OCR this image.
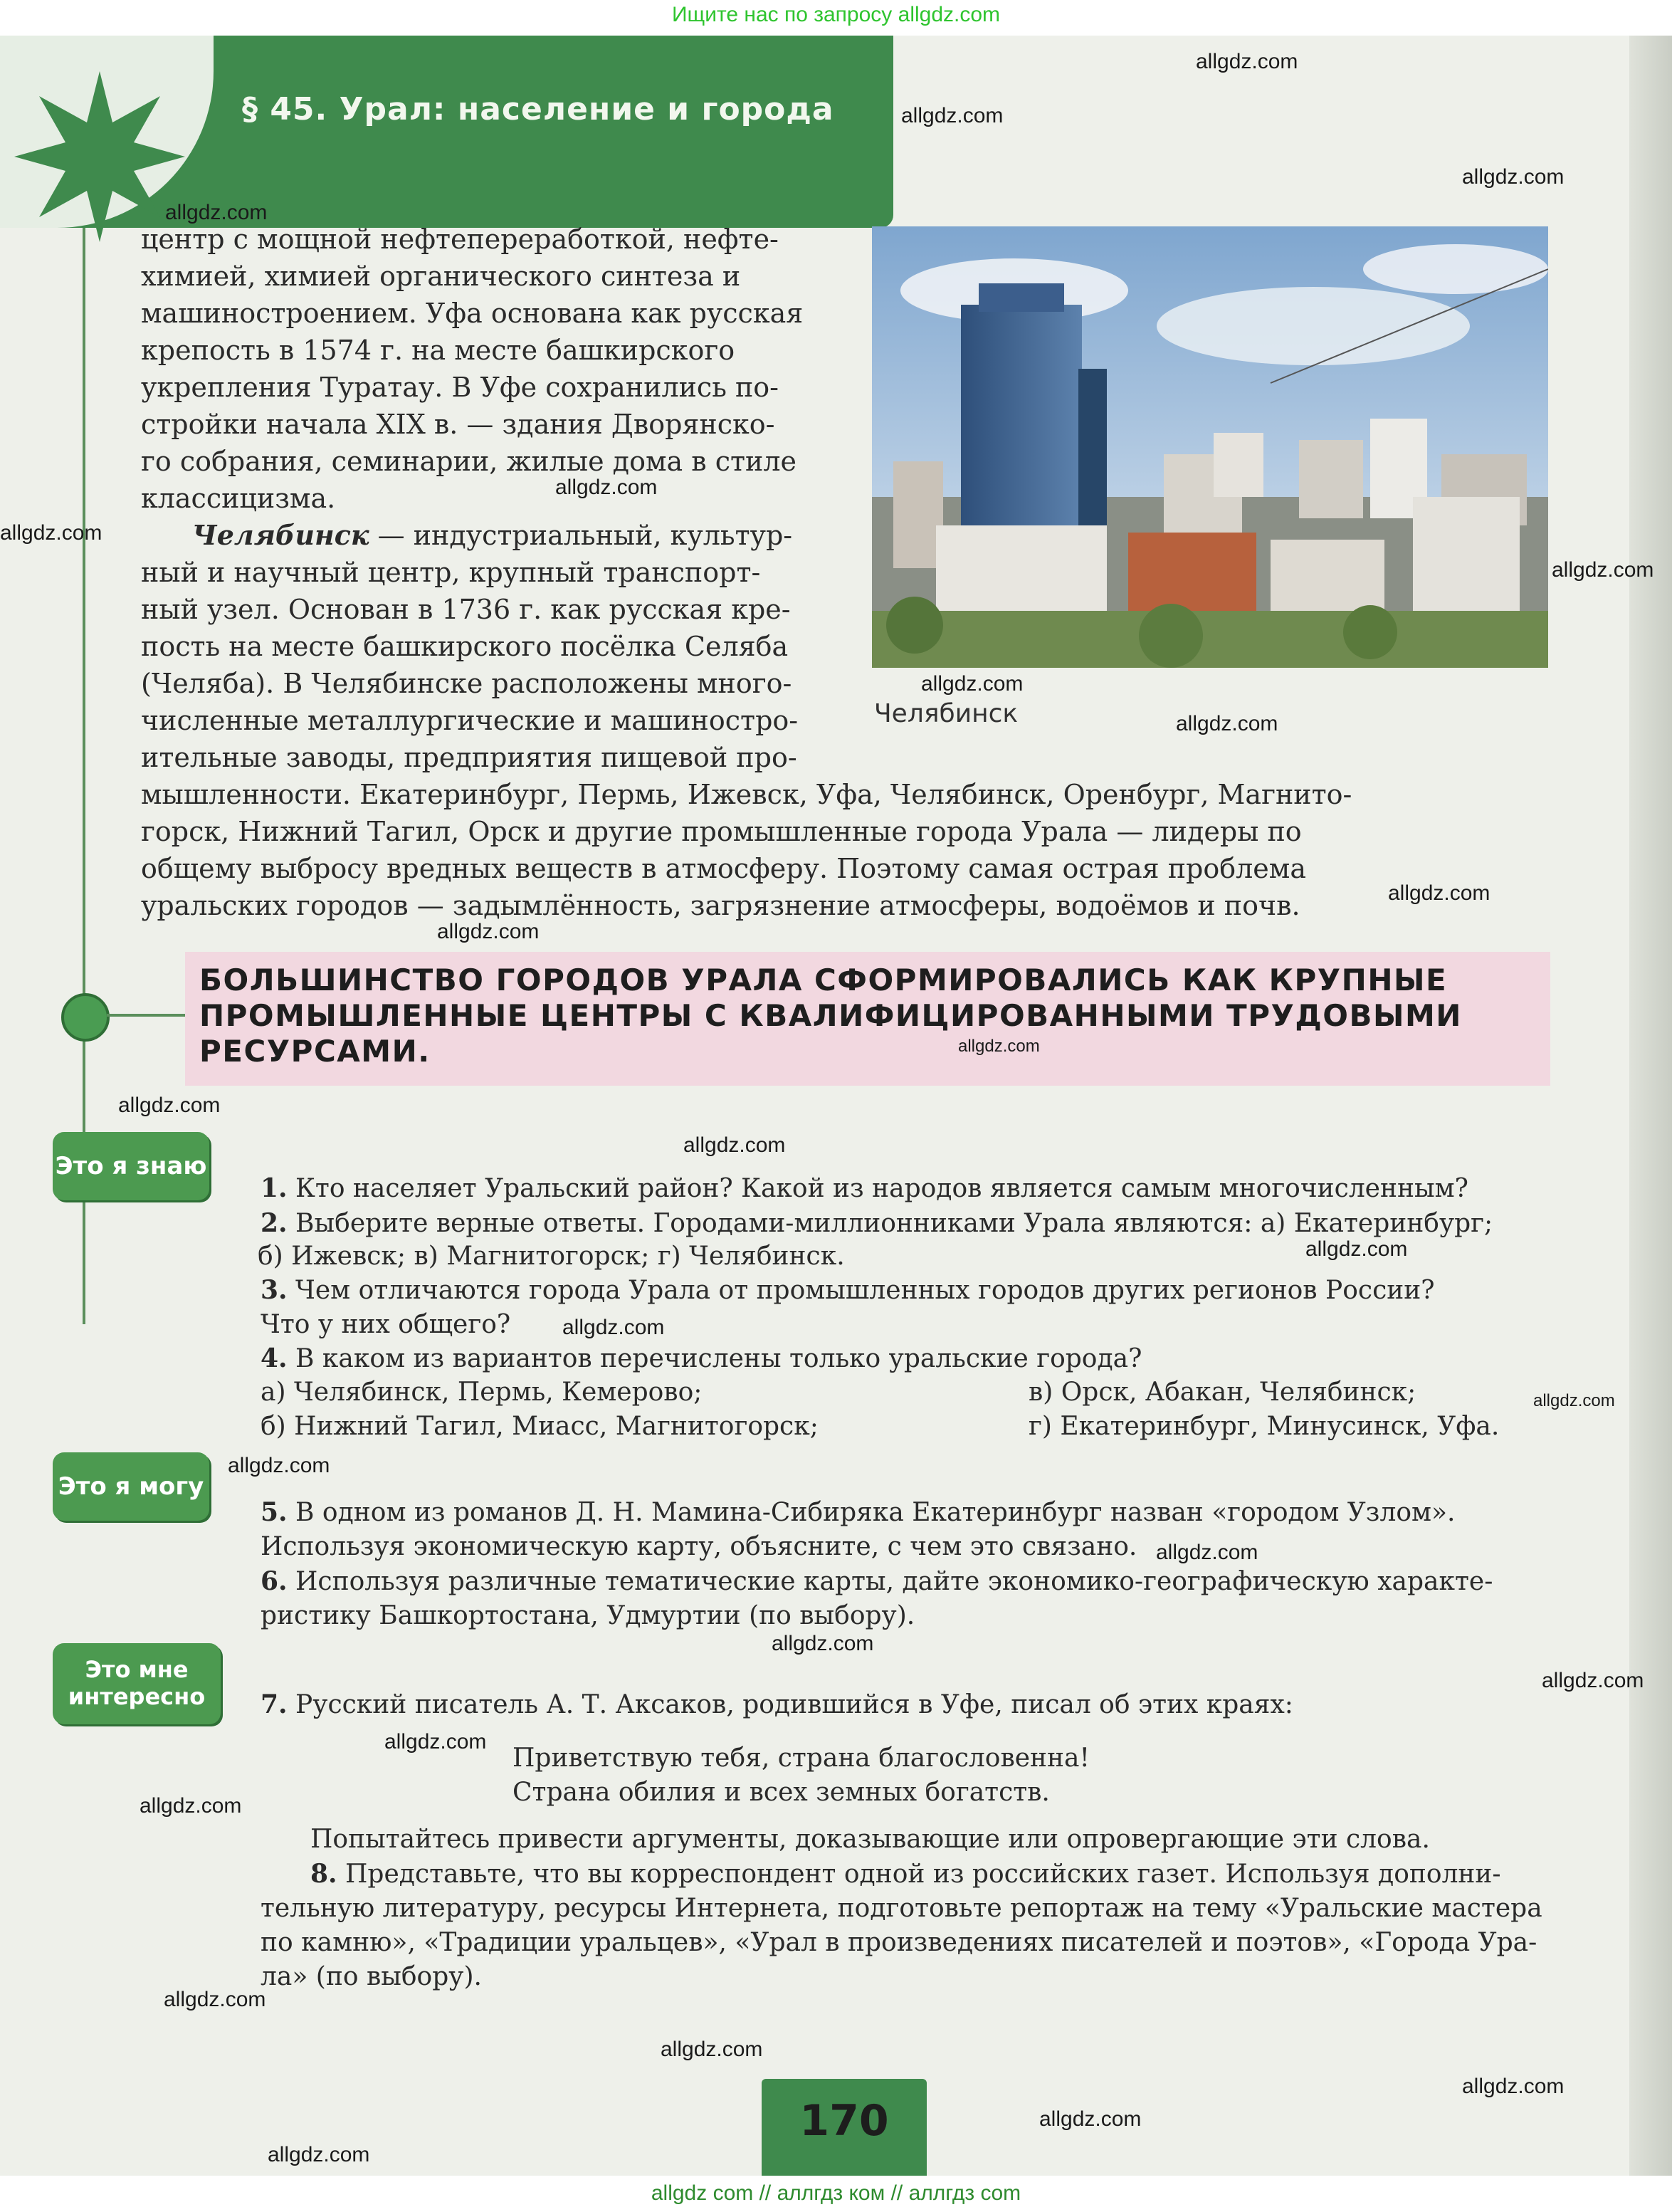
Ищите нас по запросу allgdz.com
§ 45. Урал: население и города

центр с мощной нефтепереработкой, нефте-

химией, химией органического синтеза и

машиностроением. Уфа основана как русская

крепость в 1574 г. на месте башкирского

укрепления Туратау. В Уфе сохранились по-

стройки начала XIX в. — здания Дворянско-

го собрания, семинарии, жилые дома в стиле

классицизма.

Челябинск — индустриальный, культур-

ный и научный центр, крупный транспорт-

ный узел. Основан в 1736 г. как русская кре-

пость на месте башкирского посёлка Селяба

(Челяба). В Челябинске расположены много-

численные металлургические и машиностро-

ительные заводы, предприятия пищевой про-

мышленности. Екатеринбург, Пермь, Ижевск, Уфа, Челябинск, Оренбург, Магнито-

горск, Нижний Тагил, Орск и другие промышленные города Урала — лидеры по

общему выбросу вредных веществ в атмосферу. Поэтому самая острая проблема

уральских городов — задымлённость, загрязнение атмосферы, водоёмов и почв.

Челябинск
БОЛЬШИНСТВО ГОРОДОВ УРАЛА СФОРМИРОВАЛИСЬ КАК КРУПНЫЕ
ПРОМЫШЛЕННЫЕ ЦЕНТРЫ С КВАЛИФИЦИРОВАННЫМИ ТРУДОВЫМИ
РЕСУРСАМИ.
Это я знаю
Это я могу
Это мне
интересно

1. Кто населяет Уральский район? Какой из народов является самым многочисленным?

2. Выберите верные ответы. Городами-миллионниками Урала являются: а) Екатеринбург;

б) Ижевск; в) Магнитогорск; г) Челябинск.

3. Чем отличаются города Урала от промышленных городов других регионов России?

Что у них общего?

4. В каком из вариантов перечислены только уральские города?

а) Челябинск, Пермь, Кемерово;

б) Нижний Тагил, Миасс, Магнитогорск;

в) Орск, Абакан, Челябинск;

г) Екатеринбург, Минусинск, Уфа.

5. В одном из романов Д. Н. Мамина-Сибиряка Екатеринбург назван «городом Узлом».

Используя экономическую карту, объясните, с чем это связано.

6. Используя различные тематические карты, дайте экономико-географическую характе-

ристику Башкортостана, Удмуртии (по выбору).

7. Русский писатель А. Т. Аксаков, родившийся в Уфе, писал об этих краях:

Приветствую тебя, страна благословенна!

Страна обилия и всех земных богатств.

Попытайтесь привести аргументы, доказывающие или опровергающие эти слова.

8. Представьте, что вы корреспондент одной из российских газет. Используя дополни-

тельную литературу, ресурсы Интернета, подготовьте репортаж на тему «Уральские мастера

по камню», «Традиции уральцев», «Урал в произведениях писателей и поэтов», «Города Ура-

ла» (по выбору).

170
allgdz.com
allgdz.com
allgdz.com
allgdz.com
allgdz.com
allgdz.com
allgdz.com
allgdz.com
allgdz.com
allgdz.com
allgdz.com
allgdz.com
allgdz.com
allgdz.com
allgdz.com
allgdz.com
allgdz.com
allgdz.com
allgdz.com
allgdz.com
allgdz.com
allgdz.com
allgdz.com
allgdz.com
allgdz.com
allgdz.com
allgdz.com
allgdz.com
allgdz com // аллгдз ком // аллгдз com
